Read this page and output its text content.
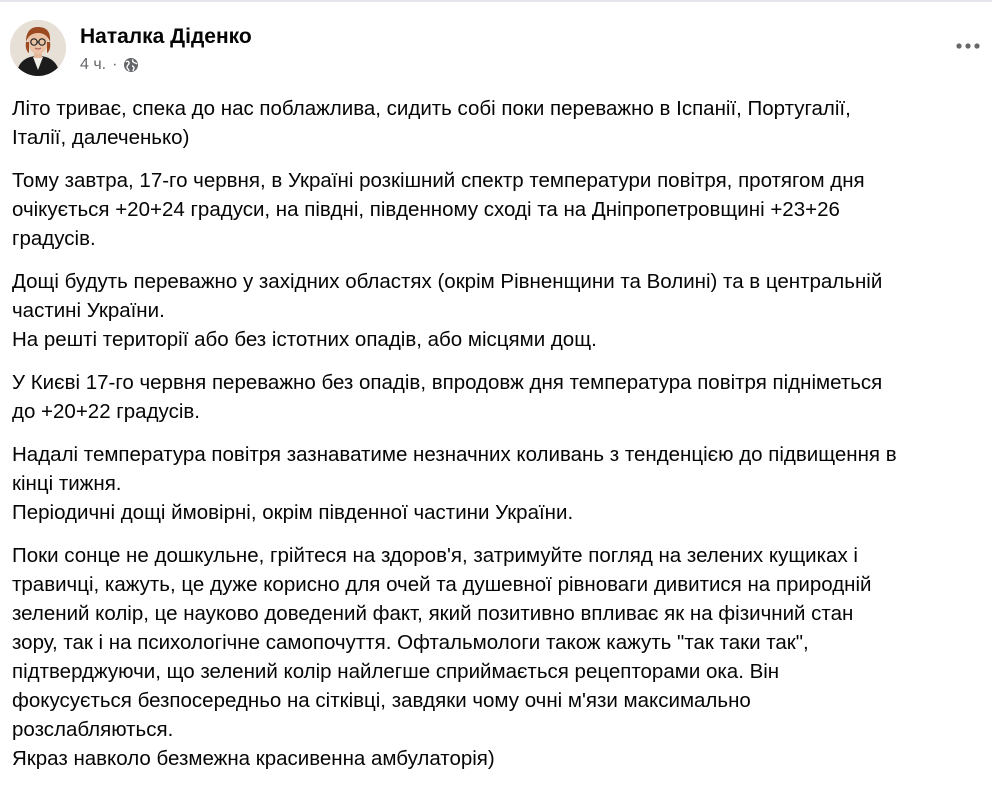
Наталка Діденко
4 ч. ·

Літо триває, спека до нас поблажлива, сидить собі поки переважно в Іспанії, Португалії,
Італії, далеченько)

Тому завтра, 17-го червня, в Україні розкішний спектр температури повітря, протягом дня
очікується +20+24 градуси, на півдні, південному сході та на Дніпропетровщині +23+26
градусів.

Дощі будуть переважно у західних областях (окрім Рівненщини та Волині) та в центральній
частині України.
На решті території або без істотних опадів, або місцями дощ.

У Києві 17-го червня переважно без опадів, впродовж дня температура повітря підніметься
до +20+22 градусів.

Надалі температура повітря зазнаватиме незначних коливань з тенденцією до підвищення в
кінці тижня.
Періодичні дощі ймовірні, окрім південної частини України.

Поки сонце не дошкульне, грійтеся на здоров'я, затримуйте погляд на зелених кущиках і
травичці, кажуть, це дуже корисно для очей та душевної рівноваги дивитися на природній
зелений колір, це науково доведений факт, який позитивно впливає як на фізичний стан
зору, так і на психологічне самопочуття. Офтальмологи також кажуть "так таки так",
підтверджуючи, що зелений колір найлегше сприймається рецепторами ока. Він
фокусується безпосередньо на сітківці, завдяки чому очні м'язи максимально
розслабляються.
Якраз навколо безмежна красивенна амбулаторія)
